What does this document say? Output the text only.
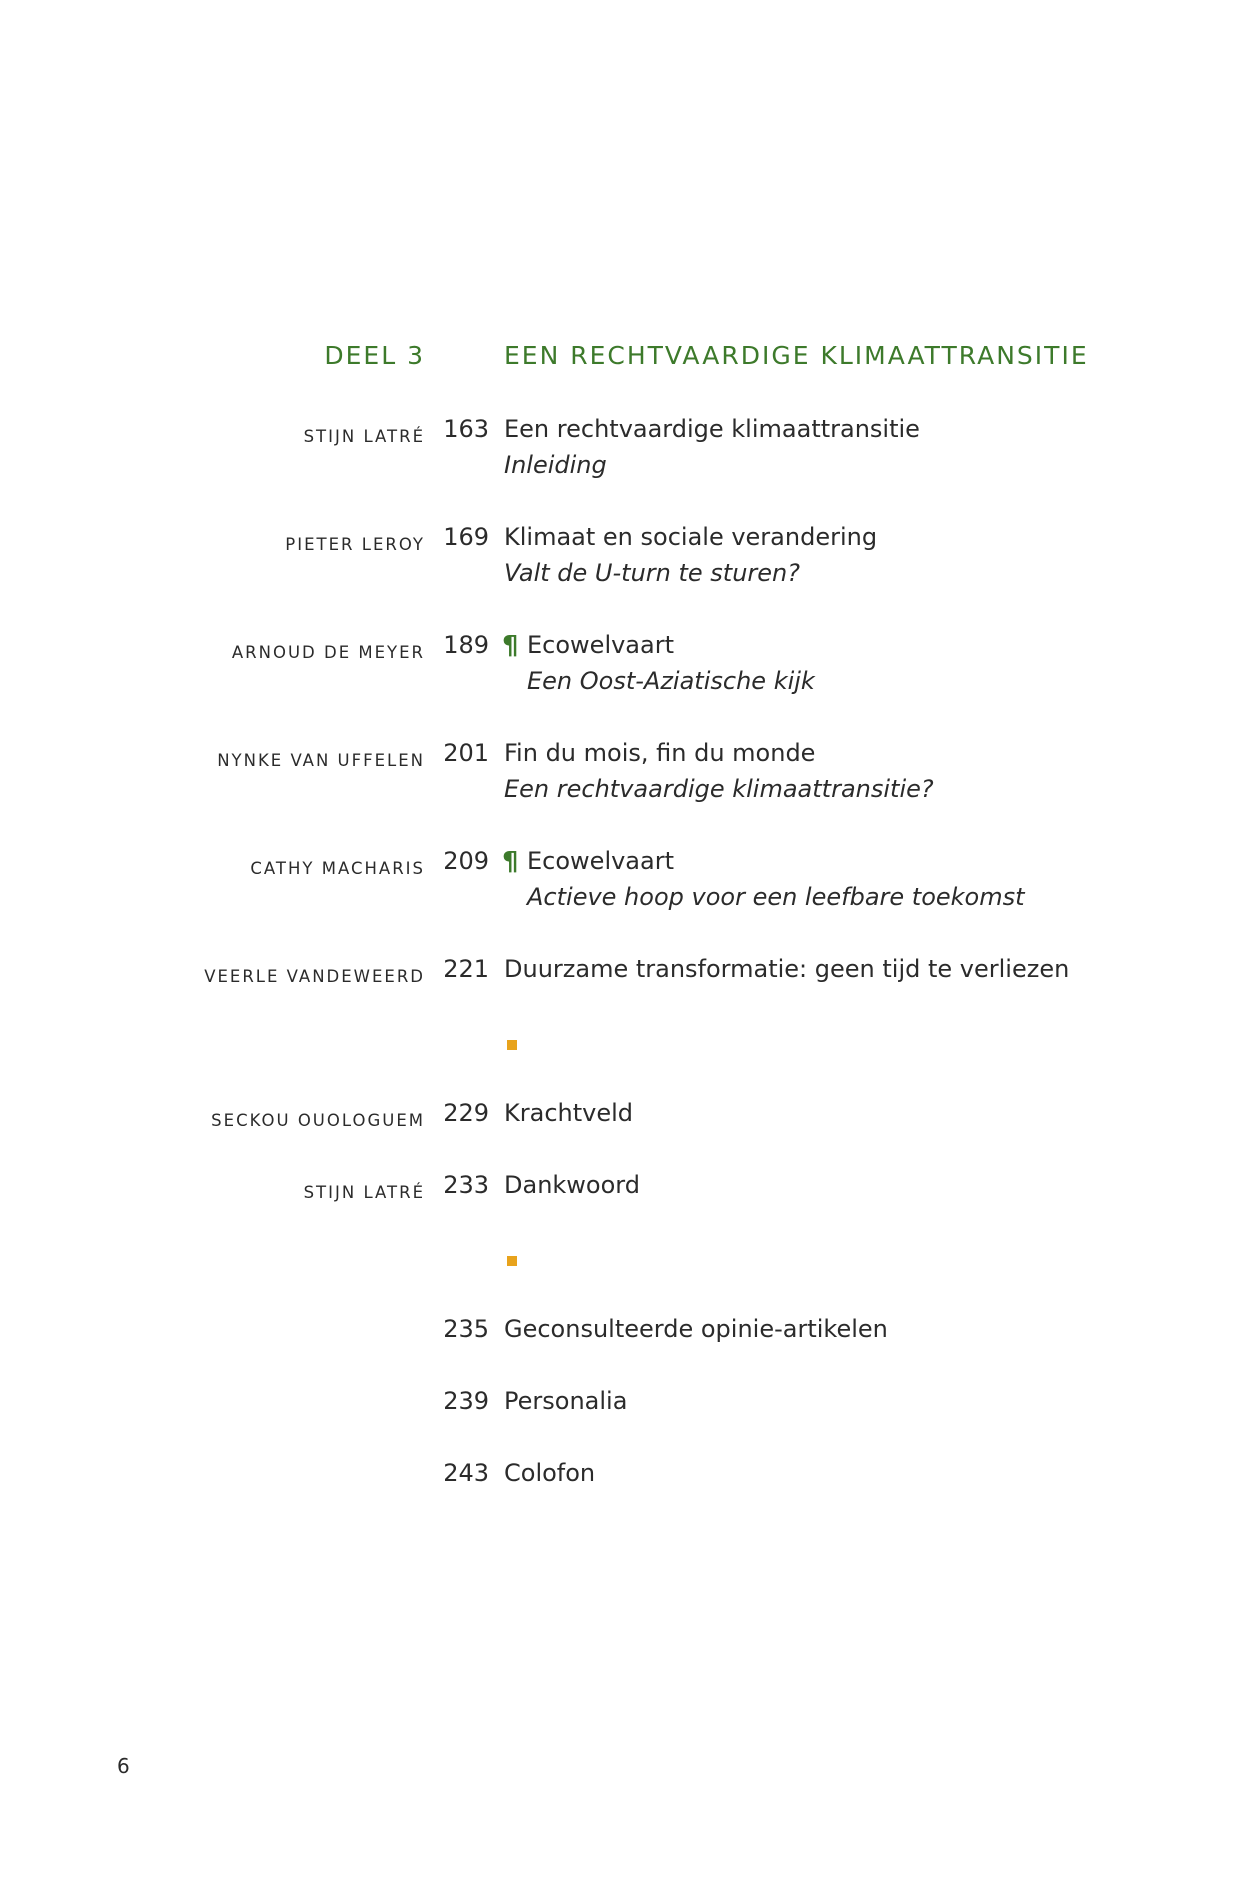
DEEL 3	EEN RECHTVAARDIGE KLIMAATTRANSITIE
STIJN LATRÉ 163 Een rechtvaardige klimaattransitie
Inleiding
PIETER LEROY 169 Klimaat en sociale verandering
Valt de U-turn te sturen?
ARNOUD DE MEYER 189 ¶ Ecowelvaart
Een Oost-Aziatische kijk
NYNKE VAN UFFELEN 201 Fin du mois, fin du monde
Een rechtvaardige klimaattransitie?
CATHY MACHARIS 209 ¶ Ecowelvaart
Actieve hoop voor een leefbare toekomst
VEERLE VANDEWEERD 221 Duurzame transformatie: geen tijd te verliezen
SECKOU OUOLOGUEM 229 Krachtveld
STIJN LATRÉ 233 Dankwoord
235 Geconsulteerde opinie-artikelen
239 Personalia
243 Colofon
6
